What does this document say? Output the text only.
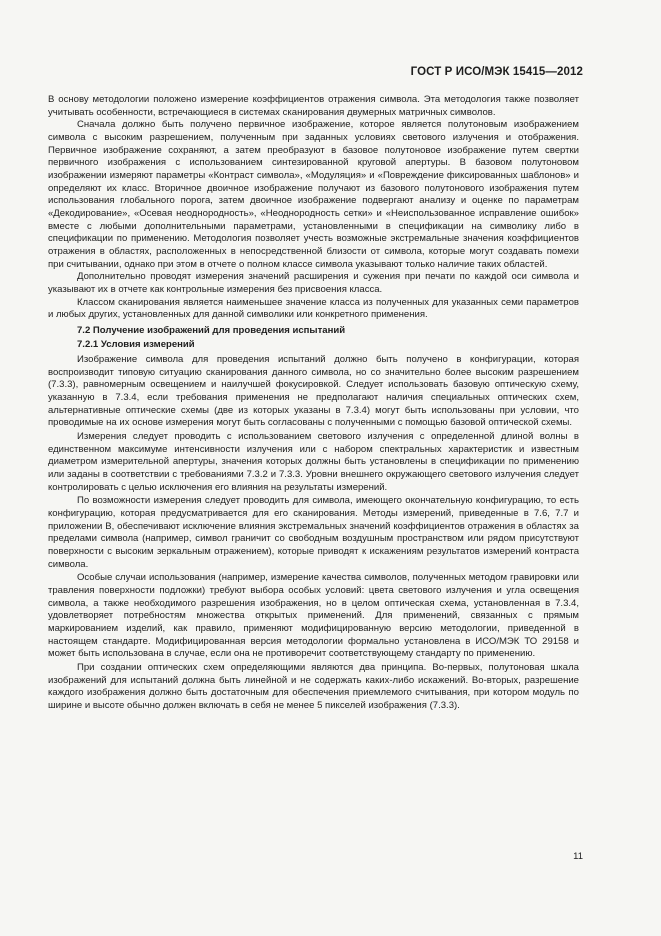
ГОСТ Р ИСО/МЭК 15415—2012

В основу методологии положено измерение коэффициентов отражения символа. Эта методология также позволяет учитывать особенности, встречающиеся в системах сканирования двумерных матричных символов.

Сначала должно быть получено первичное изображение, которое является полутоновым изображением символа с высоким разрешением, полученным при заданных условиях светового излучения и отображения. Первичное изображение сохраняют, а затем преобразуют в базовое полутоновое изображение путем свертки первичного изображения с использованием синтезированной круговой апертуры. В базовом полутоновом изображении измеряют параметры «Контраст символа», «Модуляция» и «Повреждение фиксированных шаблонов» и определяют их класс. Вторичное двоичное изображение получают из базового полутонового изображения путем использования глобального порога, затем двоичное изображение подвергают анализу и оценке по параметрам «Декодирование», «Осевая неоднородность», «Неоднородность сетки» и «Неиспользованное исправление ошибок» вместе с любыми дополнительными параметрами, установленными в спецификации на символику либо в спецификации по применению. Методология позволяет учесть возможные экстремальные значения коэффициентов отражения в областях, расположенных в непосредственной близости от символа, которые могут создавать помехи при считывании, однако при этом в отчете о полном классе символа указывают только наличие таких областей.

Дополнительно проводят измерения значений расширения и сужения при печати по каждой оси символа и указывают их в отчете как контрольные измерения без присвоения класса.

Классом сканирования является наименьшее значение класса из полученных для указанных семи параметров и любых других, установленных для данной символики или конкретного применения.

7.2 Получение изображений для проведения испытаний

7.2.1 Условия измерений

Изображение символа для проведения испытаний должно быть получено в конфигурации, которая воспроизводит типовую ситуацию сканирования данного символа, но со значительно более высоким разрешением (7.3.3), равномерным освещением и наилучшей фокусировкой. Следует использовать базовую оптическую схему, указанную в 7.3.4, если требования применения не предполагают наличия специальных оптических схем, альтернативные оптические схемы (две из которых указаны в 7.3.4) могут быть использованы при условии, что проводимые на их основе измерения могут быть согласованы с полученными с помощью базовой оптической схемы.

Измерения следует проводить с использованием светового излучения с определенной длиной волны в единственном максимуме интенсивности излучения или с набором спектральных характеристик и известным диаметром измерительной апертуры, значения которых должны быть установлены в спецификации по применению или заданы в соответствии с требованиями 7.3.2 и 7.3.3. Уровни внешнего окружающего светового излучения следует контролировать с целью исключения его влияния на результаты измерений.

По возможности измерения следует проводить для символа, имеющего окончательную конфигурацию, то есть конфигурацию, которая предусматривается для его сканирования. Методы измерений, приведенные в 7.6, 7.7 и приложении В, обеспечивают исключение влияния экстремальных значений коэффициентов отражения в областях за пределами символа (например, символ граничит со свободным воздушным пространством или рядом присутствуют поверхности с высоким зеркальным отражением), которые приводят к искажениям результатов измерений контраста символа.

Особые случаи использования (например, измерение качества символов, полученных методом гравировки или травления поверхности подложки) требуют выбора особых условий: цвета светового излучения и угла освещения символа, а также необходимого разрешения изображения, но в целом оптическая схема, установленная в 7.3.4, удовлетворяет потребностям множества открытых применений. Для применений, связанных с прямым маркированием изделий, как правило, применяют модифицированную версию методологии, приведенной в настоящем стандарте. Модифицированная версия методологии формально установлена в ИСО/МЭК ТО 29158 и может быть использована в случае, если она не противоречит соответствующему стандарту по применению.

При создании оптических схем определяющими являются два принципа. Во-первых, полутоновая шкала изображений для испытаний должна быть линейной и не содержать каких-либо искажений. Во-вторых, разрешение каждого изображения должно быть достаточным для обеспечения приемлемого считывания, при котором модуль по ширине и высоте обычно должен включать в себя не менее 5 пикселей изображения (7.3.3).

11
